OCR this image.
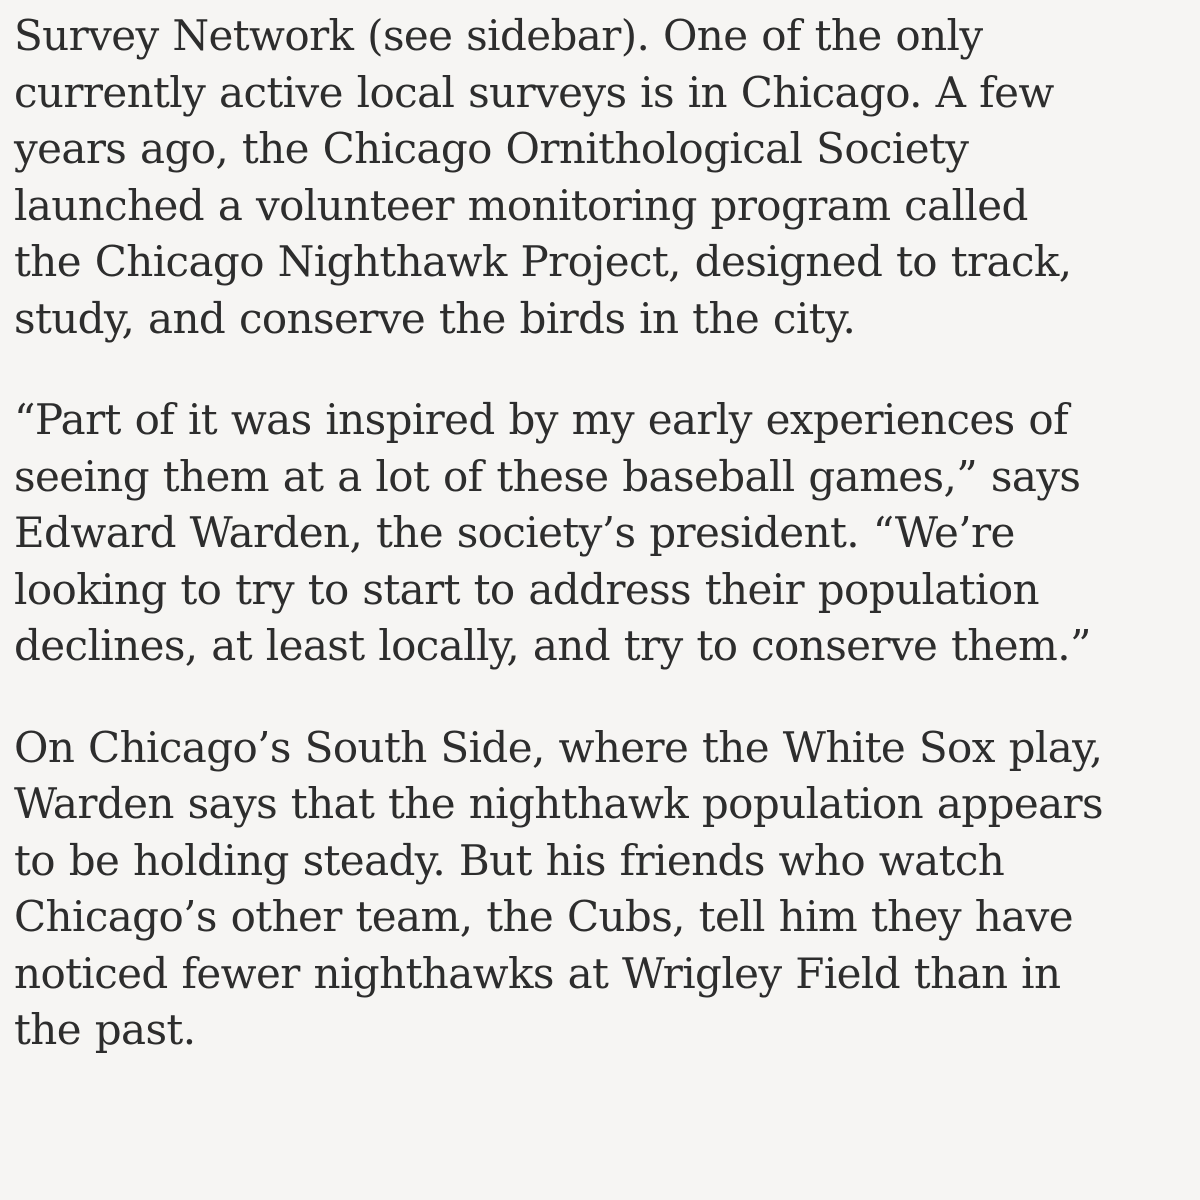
Survey Network (see sidebar). One of the only
currently active local surveys is in Chicago. A few
years ago, the Chicago Ornithological Society
launched a volunteer monitoring program called
the Chicago Nighthawk Project, designed to track,
study, and conserve the birds in the city.

“Part of it was inspired by my early experiences of
seeing them at a lot of these baseball games,” says
Edward Warden, the society’s president. “We’re
looking to try to start to address their population
declines, at least locally, and try to conserve them.”

On Chicago’s South Side, where the White Sox play,
Warden says that the nighthawk population appears
to be holding steady. But his friends who watch
Chicago’s other team, the Cubs, tell him they have
noticed fewer nighthawks at Wrigley Field than in
the past.
